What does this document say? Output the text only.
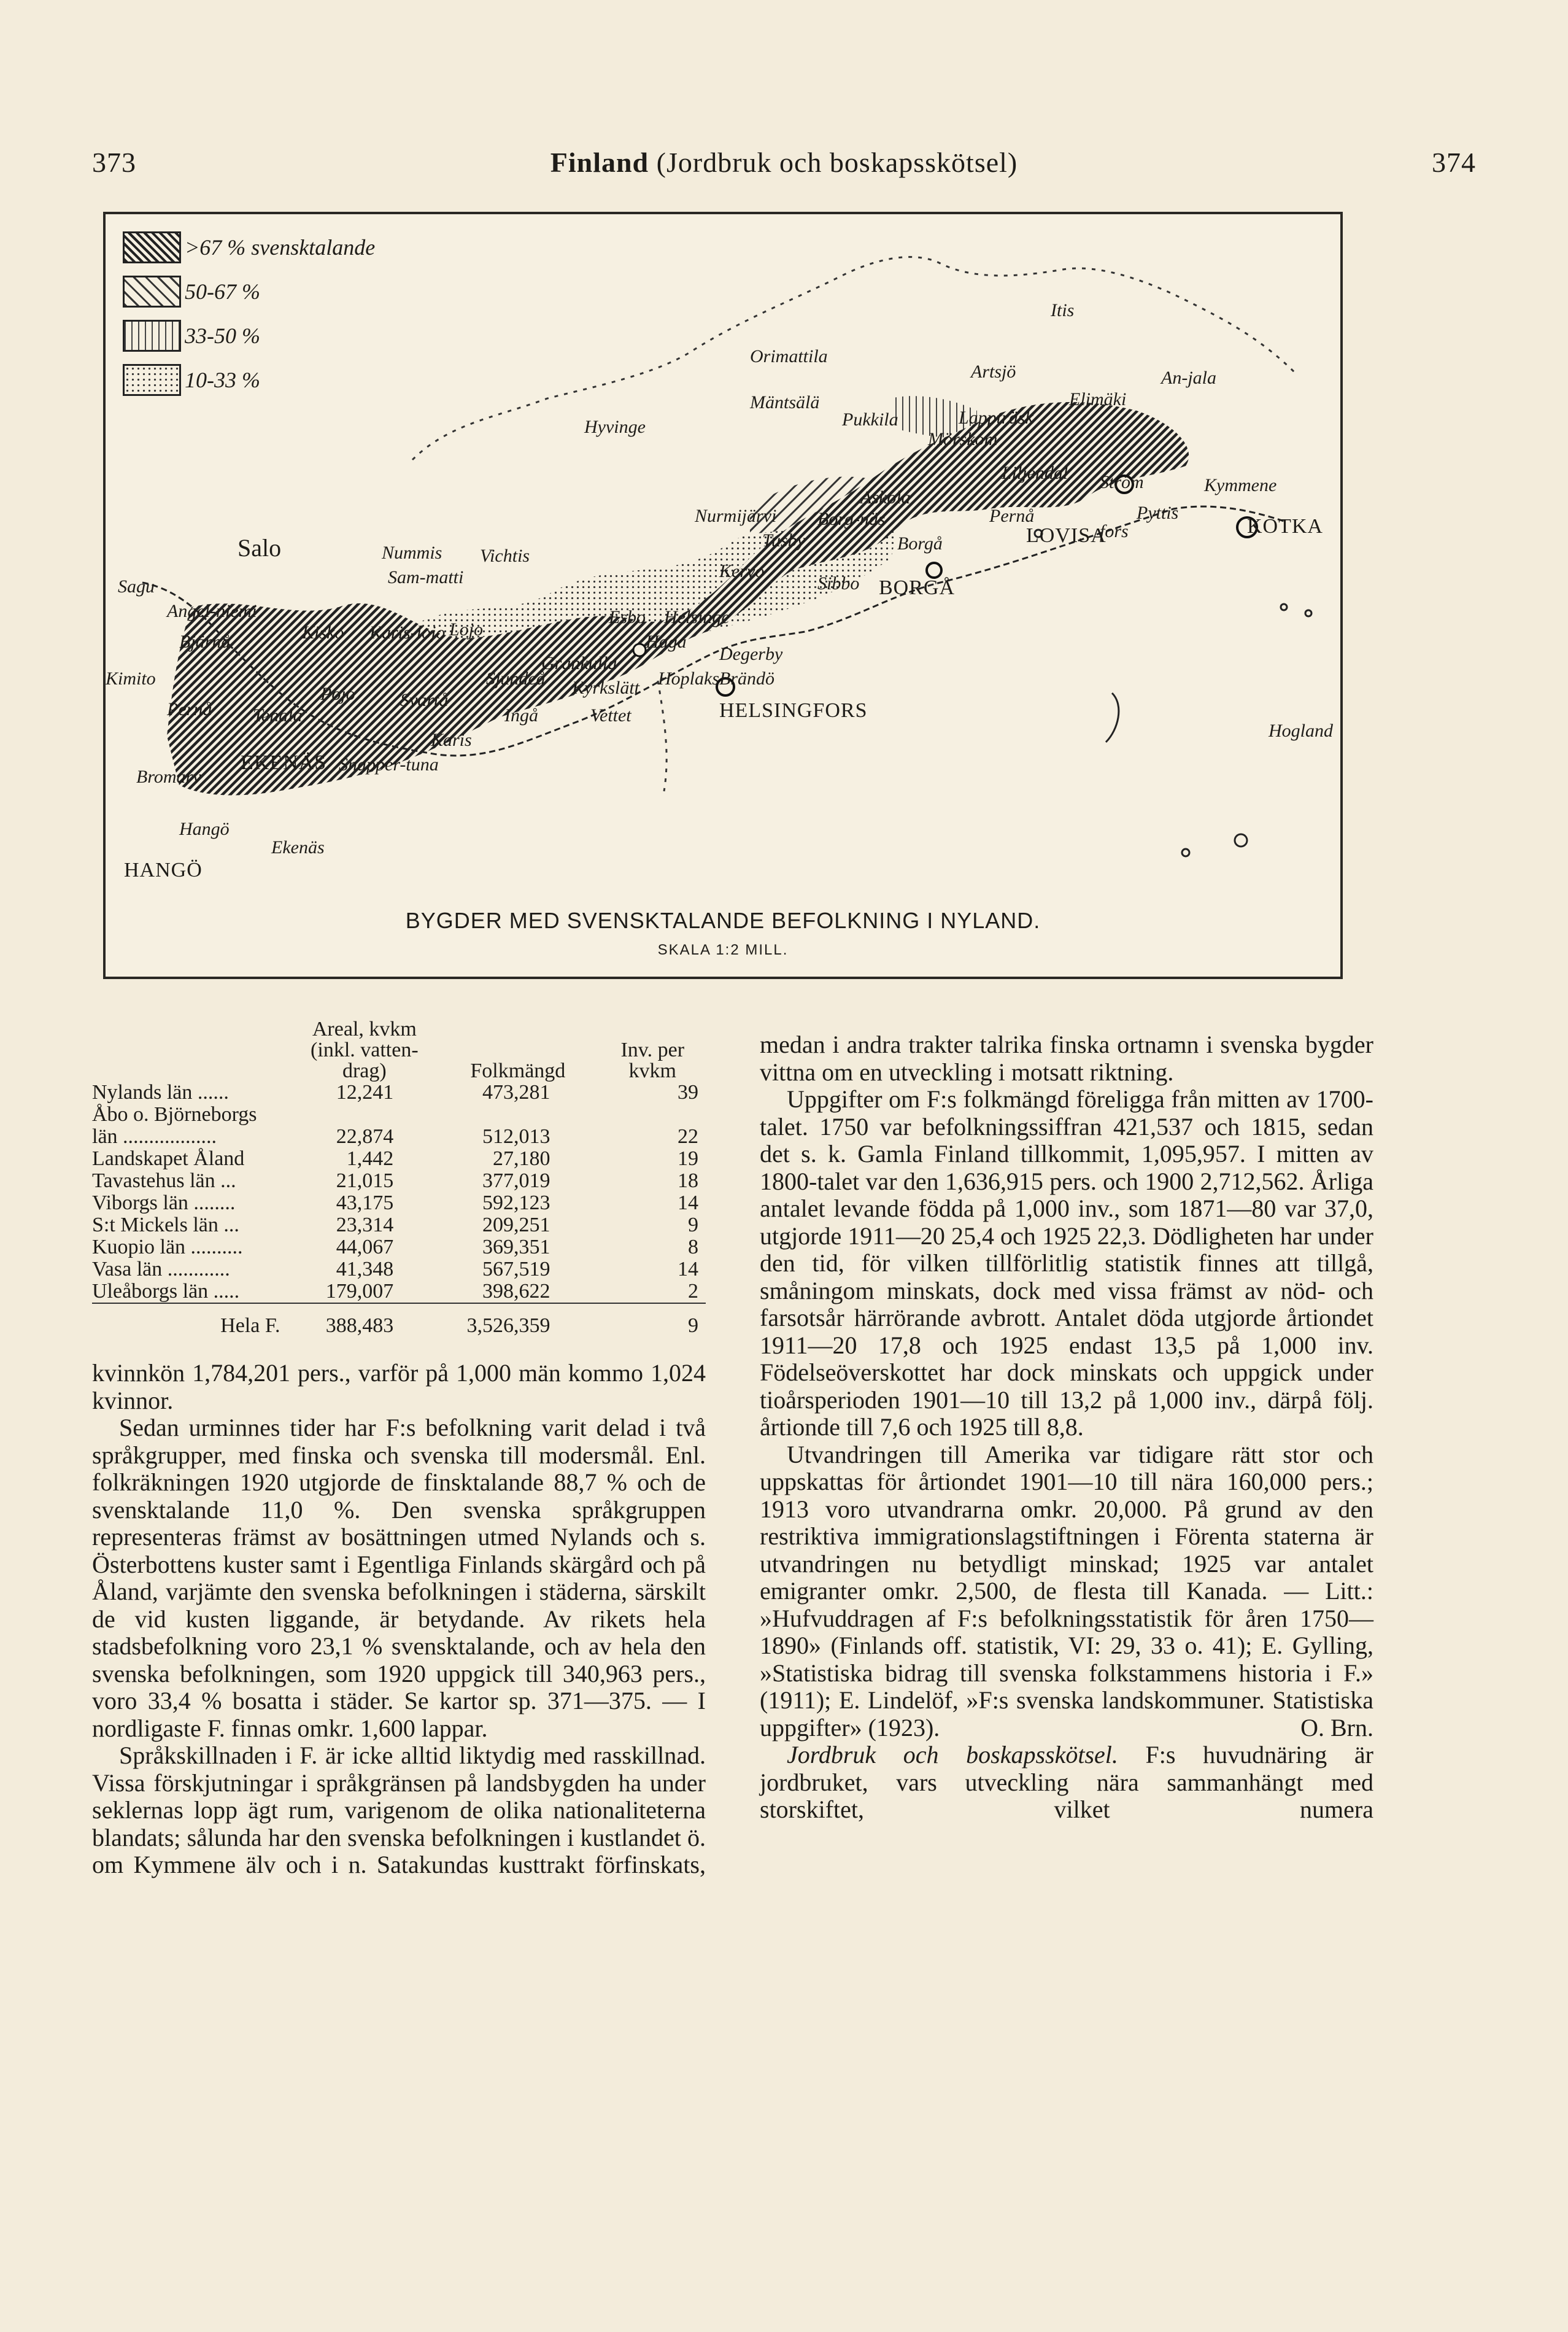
373	Finland (Jordbruk och boskapsskötsel)	374
>67 % svensktalande
50-67 %
33-50 %
10-33 %
Orimattila
Itis
Artsjö
Elimäki
An-jala
Hyvinge
Mäntsälä
Pukkila	Lappträsk
Mörskom
Liljendal Ström	Kymmene
Pyttis
fors
Askola
Borg-näs	Pernå
LOVISA	KOTKA
Nurmijärvi
Tusby	Borgå
BORGÅ
Kervo
Sibbo
Salo	Nummis Vichtis
Sam-matti
Sagu
Angel-niemi
Bjärnå	Kisko Karis-lojo Lojo
Esbo Helsinge
Haga
Grankulla
Kyrkslätt
Sjundeå
Degerby
Hoplaks Brändö
HELSINGFORS
Kimito
Pernå Tenala	Ingå	Vettet
Karis
Svartå
Pojo
Bromarv
EKENÄS Snapper-tuna
Hangö
Ekenäs
HANGÖ
Hogland
BYGDER MED SVENSKTALANDE BEFOLKNING I NYLAND.
SKALA 1:2 MILL.
	Areal, kvkm (inkl. vatten-drag)	Folkmängd	Inv. per kvkm
Nylands län ......	12,241	473,281	39
Åbo o. Björneborgs			
län ..................	22,874	512,013	22
Landskapet Åland	1,442	27,180	19
Tavastehus län ...	21,015	377,019	18
Viborgs län ........	43,175	592,123	14
S:t Mickels län ...	23,314	209,251	9
Kuopio län ..........	44,067	369,351	8
Vasa län ............	41,348	567,519	14
Uleåborgs län .....	179,007	398,622	2

Hela F.	388,483	3,526,359	9

kvinnkön 1,784,201 pers., varför på 1,000 män kommo 1,024 kvinnor.

Sedan urminnes tider har F:s befolkning varit delad i två språkgrupper, med finska och svenska till modersmål. Enl. folkräkningen 1920 utgjorde de finsktalande 88,7 % och de svensktalande 11,0 %. Den svenska språkgruppen representeras främst av bosättningen utmed Nylands och s. Österbottens kuster samt i Egentliga Finlands skärgård och på Åland, varjämte den svenska befolkningen i städerna, särskilt de vid kusten liggande, är betydande. Av rikets hela stadsbefolkning voro 23,1 % svensktalande, och av hela den svenska befolkningen, som 1920 uppgick till 340,963 pers., voro 33,4 % bosatta i städer. Se kartor sp. 371—375. — I nordligaste F. finnas omkr. 1,600 lappar.

Språkskillnaden i F. är icke alltid liktydig med rasskillnad. Vissa förskjutningar i språkgränsen på landsbygden ha under seklernas lopp ägt rum, varigenom de olika nationaliteterna blandats; sålunda har den svenska befolkningen i kustlandet ö. om Kymmene älv och i n. Satakundas kusttrakt förfinskats,

medan i andra trakter talrika finska ortnamn i svenska bygder vittna om en utveckling i motsatt riktning.

Uppgifter om F:s folkmängd föreligga från mitten av 1700-talet. 1750 var befolkningssiffran 421,537 och 1815, sedan det s. k. Gamla Finland tillkommit, 1,095,957. I mitten av 1800-talet var den 1,636,915 pers. och 1900 2,712,562. Årliga antalet levande födda på 1,000 inv., som 1871—80 var 37,0, utgjorde 1911—20 25,4 och 1925 22,3. Dödligheten har under den tid, för vilken tillförlitlig statistik finnes att tillgå, småningom minskats, dock med vissa främst av nöd- och farsotsår härrörande avbrott. Antalet döda utgjorde årtiondet 1911—20 17,8 och 1925 endast 13,5 på 1,000 inv. Födelseöverskottet har dock minskats och uppgick under tioårsperioden 1901—10 till 13,2 på 1,000 inv., därpå följ. årtionde till 7,6 och 1925 till 8,8.

Utvandringen till Amerika var tidigare rätt stor och uppskattas för årtiondet 1901—10 till nära 160,000 pers.; 1913 voro utvandrarna omkr. 20,000. På grund av den restriktiva immigrationslagstiftningen i Förenta staterna är utvandringen nu betydligt minskad; 1925 var antalet emigranter omkr. 2,500, de flesta till Kanada. — Litt.: »Hufvuddragen af F:s befolkningsstatistik för åren 1750—1890» (Finlands off. statistik, VI: 29, 33 o. 41); E. Gylling, »Statistiska bidrag till svenska folkstammens historia i F.» (1911); E. Lindelöf, »F:s svenska landskommuner. Statistiska uppgifter» (1923).	O. Brn.

Jordbruk och boskapsskötsel. F:s huvudnäring är jordbruket, vars utveckling nära sammanhängt med storskiftet, vilket numera
